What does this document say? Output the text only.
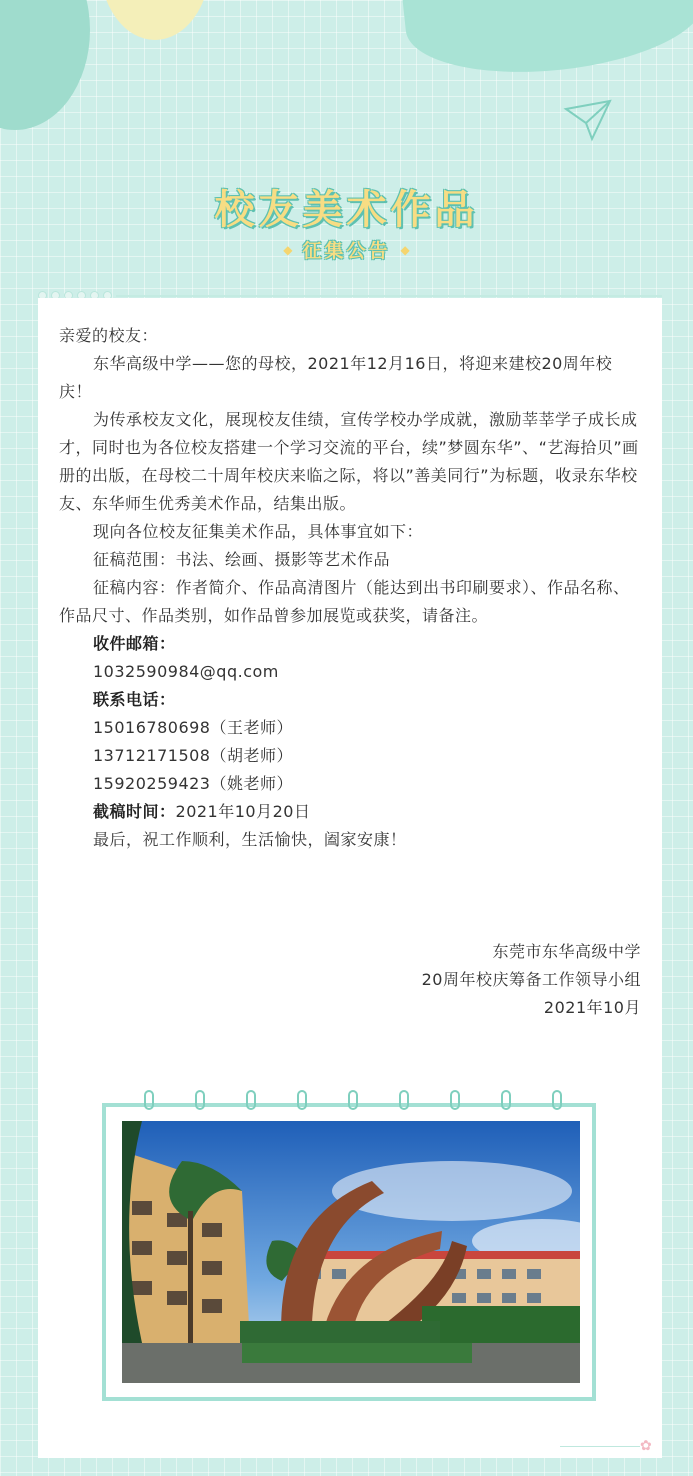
校友美术作品
◆ 征集公告 ◆

亲爱的校友：

东华高级中学——您的母校，2021年12月16日，将迎来建校20周年校庆！

为传承校友文化，展现校友佳绩，宣传学校办学成就，激励莘莘学子成长成才，同时也为各位校友搭建一个学习交流的平台，续”梦圆东华”、“艺海拾贝”画册的出版，在母校二十周年校庆来临之际，将以”善美同行”为标题，收录东华校友、东华师生优秀美术作品，结集出版。

现向各位校友征集美术作品，具体事宜如下：

征稿范围：书法、绘画、摄影等艺术作品

征稿内容：作者简介、作品高清图片（能达到出书印刷要求）、作品名称、作品尺寸、作品类别，如作品曾参加展览或获奖，请备注。

收件邮箱：

1032590984@qq.com

联系电话：

15016780698（王老师）

13712171508（胡老师）

15920259423（姚老师）

截稿时间：2021年10月20日

最后，祝工作顺利，生活愉快，阖家安康！

东莞市东华高级中学
20周年校庆筹备工作领导小组
2021年10月
✿
